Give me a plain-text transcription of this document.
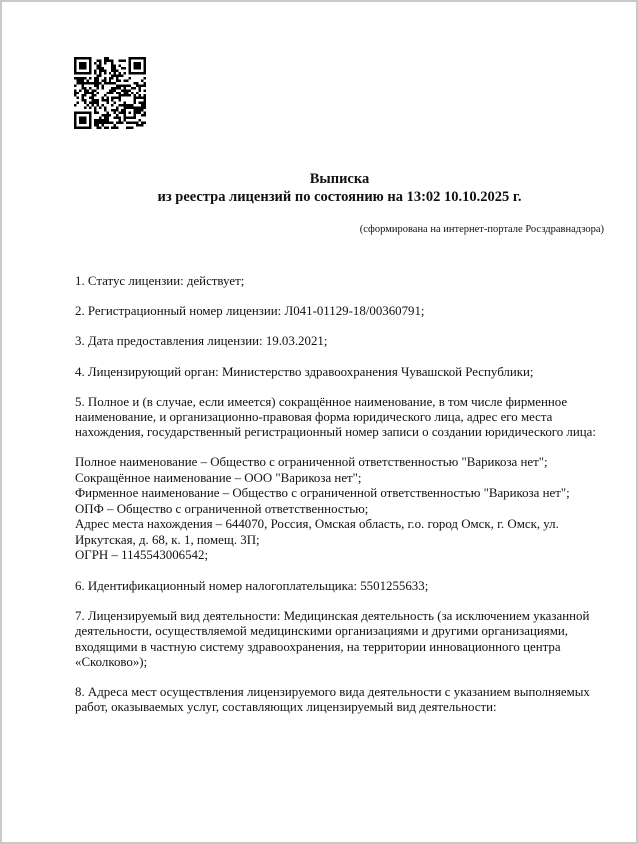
Выписка
из реестра лицензий по состоянию на 13:02 10.10.2025 г.
(сформирована на интернет-портале Росздравнадзора)

1. Статус лицензии: действует;

2. Регистрационный номер лицензии: Л041-01129-18/00360791;

3. Дата предоставления лицензии: 19.03.2021;

4. Лицензирующий орган: Министерство здравоохранения Чувашской Республики;

5. Полное и (в случае, если имеется) сокращённое наименование, в том числе фирменное наименование, и организационно-правовая форма юридического лица, адрес его места нахождения, государственный регистрационный номер записи о создании юридического лица:

Полное наименование – Общество с ограниченной ответственностью "Варикоза нет";
Сокращённое наименование – ООО "Варикоза нет";
Фирменное наименование – Общество с ограниченной ответственностью "Варикоза нет";
ОПФ – Общество с ограниченной ответственностью;
Адрес места нахождения – 644070, Россия, Омская область, г.о. город Омск, г. Омск, ул. Иркутская, д. 68, к. 1, помещ. 3П;
ОГРН – 1145543006542;

6. Идентификационный номер налогоплательщика: 5501255633;

7. Лицензируемый вид деятельности: Медицинская деятельность (за исключением указанной деятельности, осуществляемой медицинскими организациями и другими организациями, входящими в частную систему здравоохранения, на территории инновационного центра «Сколково»);

8. Адреса мест осуществления лицензируемого вида деятельности с указанием выполняемых работ, оказываемых услуг, составляющих лицензируемый вид деятельности:
